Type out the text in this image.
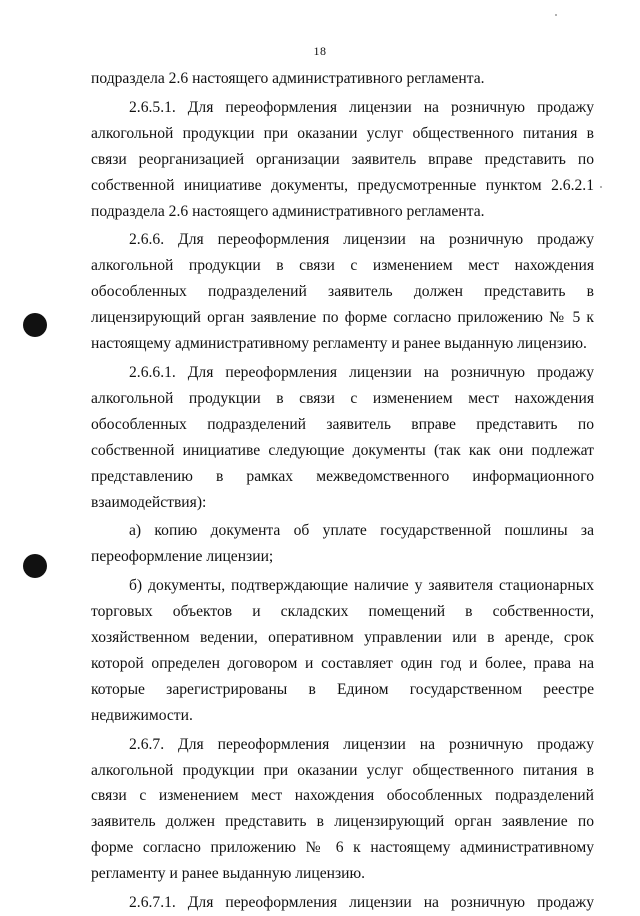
18

подраздела 2.6 настоящего административного регламента.

2.6.5.1. Для переоформления лицензии на розничную продажу алкогольной продукции при оказании услуг общественного питания в связи реорганизацией организации заявитель вправе представить по собственной инициативе документы, предусмотренные пунктом 2.6.2.1 подраздела 2.6 настоящего административного регламента.

2.6.6. Для переоформления лицензии на розничную продажу алкогольной продукции в связи с изменением мест нахождения обособленных подразделений заявитель должен представить в лицензирующий орган заявление по форме согласно приложению № 5 к настоящему административному регламенту и ранее выданную лицензию.

2.6.6.1. Для переоформления лицензии на розничную продажу алкогольной продукции в связи с изменением мест нахождения обособленных подразделений заявитель вправе представить по собственной инициативе следующие документы (так как они подлежат представлению в рамках межведомственного информационного взаимодействия):

а) копию документа об уплате государственной пошлины за переоформление лицензии;

б) документы, подтверждающие наличие у заявителя стационарных торговых объектов и складских помещений в собственности, хозяйственном ведении, оперативном управлении или в аренде, срок которой определен договором и составляет один год и более, права на которые зарегистрированы в Едином государственном реестре недвижимости.

2.6.7. Для переоформления лицензии на розничную продажу алкогольной продукции при оказании услуг общественного питания в связи с изменением мест нахождения обособленных подразделений заявитель должен представить в лицензирующий орган заявление по форме согласно приложению № 6 к настоящему административному регламенту и ранее выданную лицензию.

2.6.7.1. Для переоформления лицензии на розничную продажу
